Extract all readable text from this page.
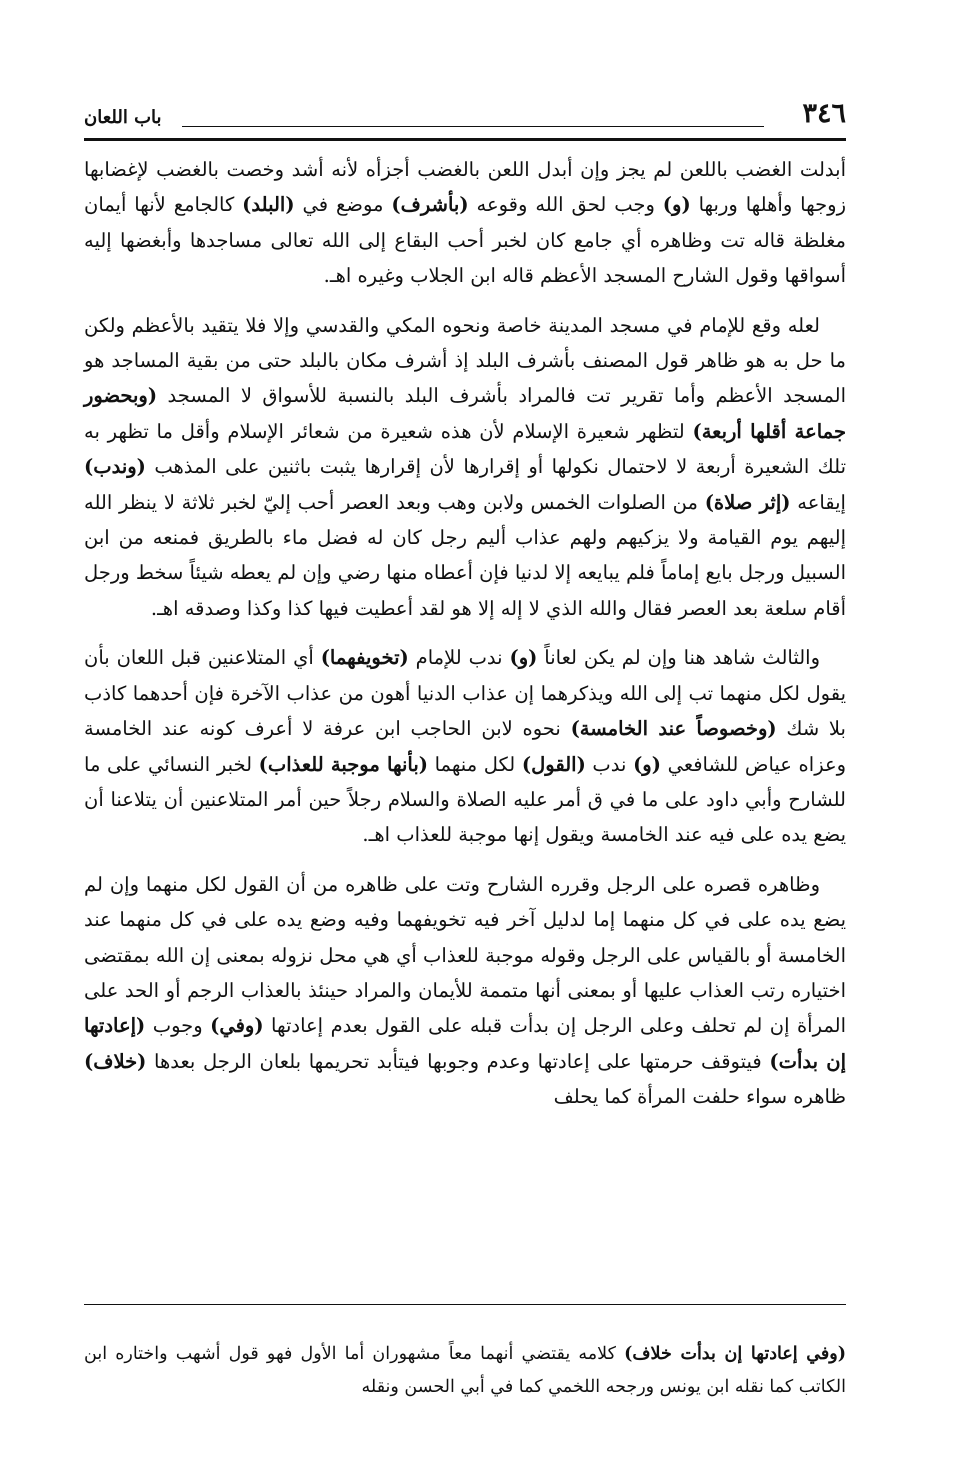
٣٤٦
باب اللعان

أبدلت الغضب باللعن لم يجز وإن أبدل اللعن بالغضب أجزأه لأنه أشد وخصت بالغضب لإغضابها زوجها وأهلها وربها ( و ) وجب لحق الله وقوعه ( بأشرف ) موضع في ( البلد ) كالجامع لأنها أيمان مغلظة قاله تت وظاهره أي جامع كان لخبر أحب البقاع إلى الله تعالى مساجدها وأبغضها إليه أسواقها وقول الشارح المسجد الأعظم قاله ابن الجلاب وغيره اهـ.

لعله وقع للإمام في مسجد المدينة خاصة ونحوه المكي والقدسي وإلا فلا يتقيد بالأعظم ولكن ما حل به هو ظاهر قول المصنف بأشرف البلد إذ أشرف مكان بالبلد حتى من بقية المساجد هو المسجد الأعظم وأما تقرير تت فالمراد بأشرف البلد بالنسبة للأسواق لا المسجد ( وبحضور جماعة أقلها أربعة ) لتظهر شعيرة الإسلام لأن هذه شعيرة من شعائر الإسلام وأقل ما تظهر به تلك الشعيرة أربعة لا لاحتمال نكولها أو إقرارها لأن إقرارها يثبت باثنين على المذهب ( وندب ) إيقاعه ( إثر صلاة ) من الصلوات الخمس ولابن وهب وبعد العصر أحب إليّ لخبر ثلاثة لا ينظر الله إليهم يوم القيامة ولا يزكيهم ولهم عذاب أليم رجل كان له فضل ماء بالطريق فمنعه من ابن السبيل ورجل بايع إماماً فلم يبايعه إلا لدنيا فإن أعطاه منها رضي وإن لم يعطه شيئاً سخط ورجل أقام سلعة بعد العصر فقال والله الذي لا إله إلا هو لقد أعطيت فيها كذا وكذا وصدقه اهـ.

والثالث شاهد هنا وإن لم يكن لعاناً ( و ) ندب للإمام ( تخويفهما ) أي المتلاعنين قبل اللعان بأن يقول لكل منهما تب إلى الله ويذكرهما إن عذاب الدنيا أهون من عذاب الآخرة فإن أحدهما كاذب بلا شك ( وخصوصاً عند الخامسة ) نحوه لابن الحاجب ابن عرفة لا أعرف كونه عند الخامسة وعزاه عياض للشافعي ( و ) ندب ( القول ) لكل منهما ( بأنها موجبة للعذاب ) لخبر النسائي على ما للشارح وأبي داود على ما في ق أمر عليه الصلاة والسلام رجلاً حين أمر المتلاعنين أن يتلاعنا أن يضع يده على فيه عند الخامسة ويقول إنها موجبة للعذاب اهـ.

وظاهره قصره على الرجل وقرره الشارح وتت على ظاهره من أن القول لكل منهما وإن لم يضع يده على في كل منهما إما لدليل آخر فيه تخويفهما وفيه وضع يده على في كل منهما عند الخامسة أو بالقياس على الرجل وقوله موجبة للعذاب أي هي محل نزوله بمعنى إن الله بمقتضى اختياره رتب العذاب عليها أو بمعنى أنها متممة للأيمان والمراد حينئذ بالعذاب الرجم أو الحد على المرأة إن لم تحلف وعلى الرجل إن بدأت قبله على القول بعدم إعادتها ( وفي ) وجوب ( إعادتها إن بدأت ) فيتوقف حرمتها على إعادتها وعدم وجوبها فيتأبد تحريمها بلعان الرجل بعدها ( خلاف ) ظاهره سواء حلفت المرأة كما يحلف

( وفي إعادتها إن بدأت خلاف ) كلامه يقتضي أنهما معاً مشهوران أما الأول فهو قول أشهب واختاره ابن الكاتب كما نقله ابن يونس ورجحه اللخمي كما في أبي الحسن ونقله
